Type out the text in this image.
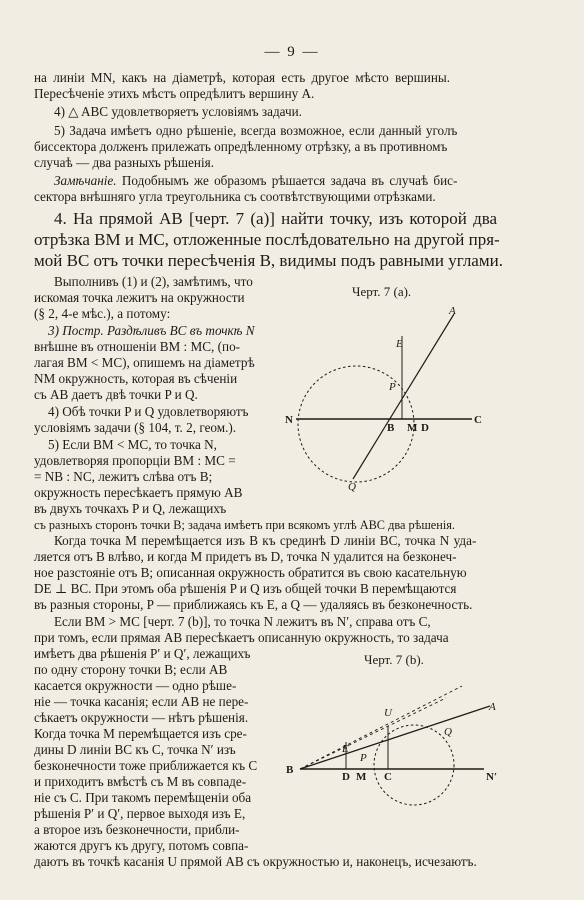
— 9 —
на линіи MN, какъ на діаметрѣ, которая есть другое мѣсто вершины.
Пересѣченіе этихъ мѣстъ опредѣлитъ вершину A.
4) △ ABC удовлетворяетъ условіямъ задачи.
5) Задача имѣетъ одно рѣшеніе, всегда возможное, если данный уголъ
биссектора долженъ прилежать опредѣленному отрѣзку, а въ противномъ
случаѣ — два разныхъ рѣшенія.
Замѣчаніе. Подобнымъ же образомъ рѣшается задача въ случаѣ бис-
сектора внѣшняго угла треугольника съ соотвѣтствующими отрѣзками.
4. На прямой AB [черт. 7 (a)] найти точку, изъ которой два
отрѣзка BM и MC, отложенные послѣдовательно на другой пря-
мой BC отъ точки пересѣченія B, видимы подъ равными углами.
Выполнивъ (1) и (2), замѣтимъ, что
искомая точка лежитъ на окружности
(§ 2, 4-е мѣс.), а потому:
3) Постр. Раздѣливъ BC въ точкѣ N
внѣшне въ отношеніи BM : MC, (по-
лагая BM < MC), опишемъ на діаметрѣ
NM окружность, которая въ сѣченіи
съ AB даетъ двѣ точки P и Q.
4) Обѣ точки P и Q удовлетворяютъ
условіямъ задачи (§ 104, т. 2, геом.).
5) Если BM < MC, то точка N,
удовлетворяя пропорціи BM : MC =
= NB : NC, лежитъ слѣва отъ B;
окружность пересѣкаетъ прямую AB
въ двухъ точкахъ P и Q, лежащихъ
съ разныхъ сторонъ точки B; задача имѣетъ при всякомъ углѣ ABC два рѣшенія.
Когда точка M перемѣщается изъ B къ срединѣ D линіи BC, точка N уда-
ляется отъ B влѣво, и когда M придетъ въ D, точка N удалится на безконеч-
ное разстояніе отъ B; описанная окружность обратится въ свою касательную
DE ⊥ BC. При этомъ оба рѣшенія P и Q изъ общей точки B перемѣщаются
въ разныя стороны, P — приближаясь къ E, а Q — удаляясь въ безконечность.
Если BM > MC [черт. 7 (b)], то точка N лежитъ въ N′, справа отъ C,
при томъ, если прямая AB пересѣкаетъ описанную окружность, то задача
имѣетъ два рѣшенія P′ и Q′, лежащихъ
по одну сторону точки B; если AB
касается окружности — одно рѣше-
ніе — точка касанія; если AB не пере-
сѣкаетъ окружности — нѣтъ рѣшенія.
Когда точка M перемѣщается изъ сре-
дины D линіи BC къ C, точка N′ изъ
безконечности тоже приближается къ C
и приходитъ вмѣстѣ съ M въ совпаде-
ніе съ C. При такомъ перемѣщеніи оба
рѣшенія P′ и Q′, первое выходя изъ E,
а второе изъ безконечности, прибли-
жаются другъ къ другу, потомъ совпа-
даютъ въ точкѣ касанія U прямой AB съ окружностью и, наконецъ, исчезаютъ.
Черт. 7 (a).
A
E
P
Q
N
B M D
C
Черт. 7 (b).
U	A
Q
E
P
B
D M C	N′
